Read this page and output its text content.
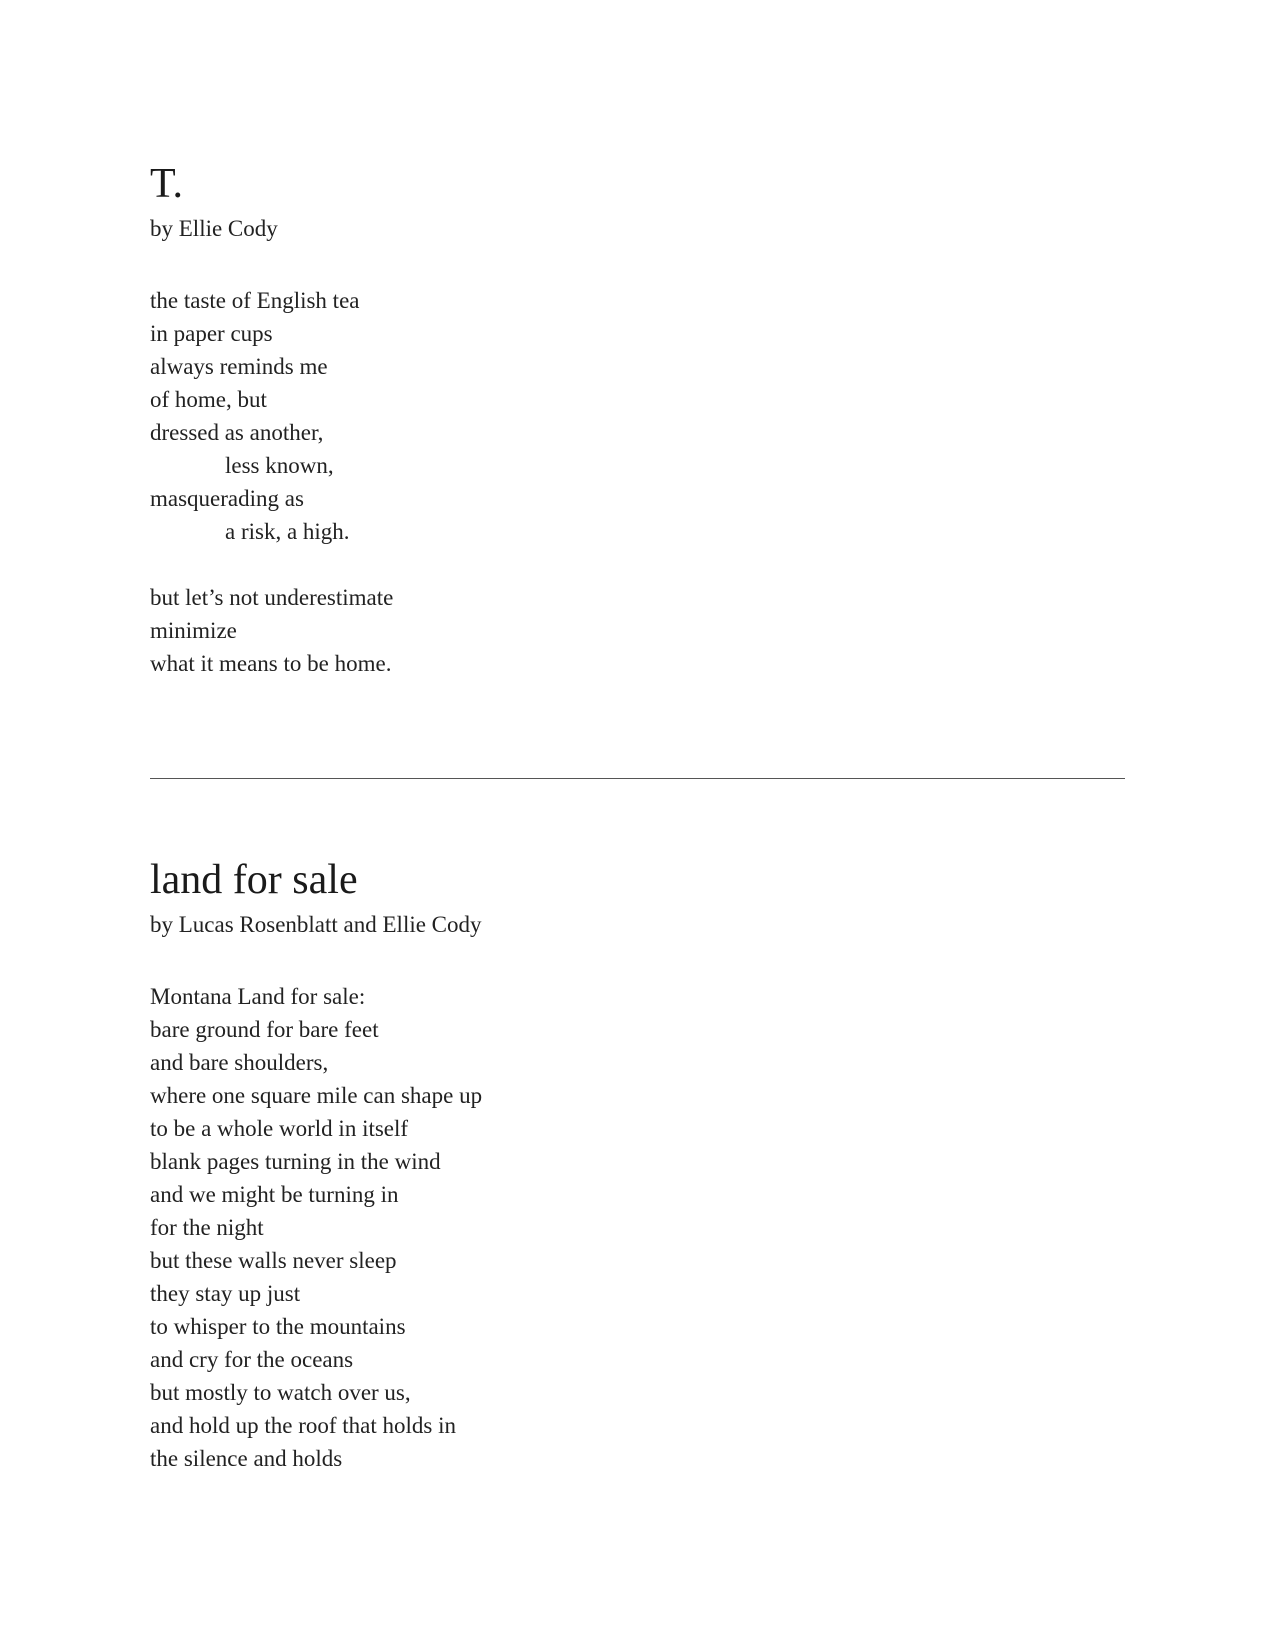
T.
by Ellie Cody
the taste of English tea
in paper cups
always reminds me
of home, but
dressed as another,
less known,
masquerading as
a risk, a high.
but let’s not underestimate
minimize
what it means to be home.
land for sale
by Lucas Rosenblatt and Ellie Cody
Montana Land for sale:
bare ground for bare feet
and bare shoulders,
where one square mile can shape up
to be a whole world in itself
blank pages turning in the wind
and we might be turning in
for the night
but these walls never sleep
they stay up just
to whisper to the mountains
and cry for the oceans
but mostly to watch over us,
and hold up the roof that holds in
the silence and holds
